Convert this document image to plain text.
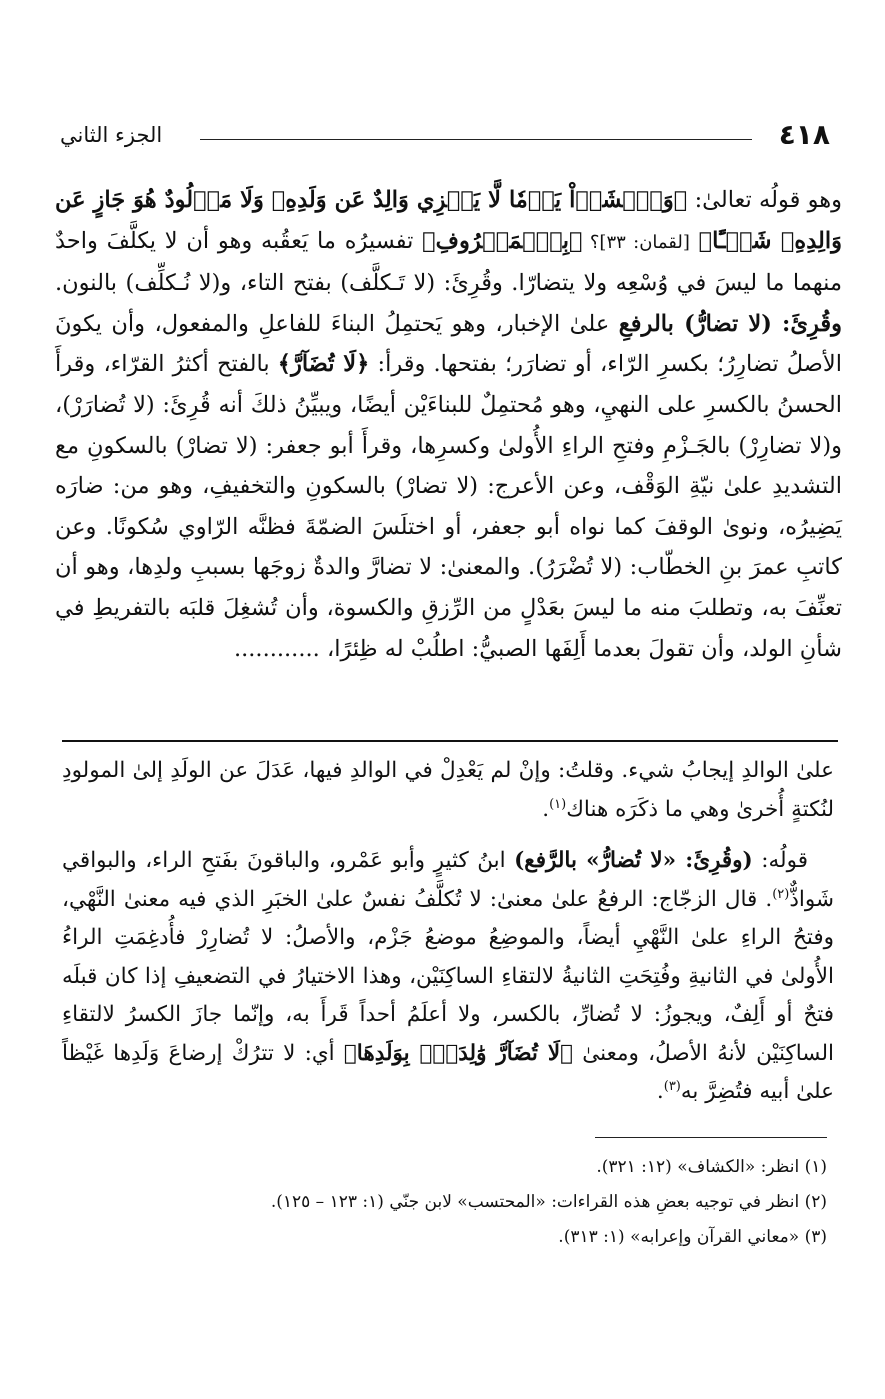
٤١٨
الجزء الثاني

وهو قولُه تعالىٰ: ﴿وَٱخۡشَوۡاْ يَوۡمٗا لَّا يَجۡزِي وَالِدٌ عَن وَلَدِهِۦ وَلَا مَوۡلُودٌ هُوَ جَازٍ عَن وَالِدِهِۦ شَيۡـًٔا﴾ [لقمان: ٣٣]؟ ﴿بِٱلۡمَعۡرُوفِ﴾ تفسيرُه ما يَعقُبه وهو أن لا يكلَّفَ واحدٌ منهما ما ليسَ في وُسْعِه ولا يتضارّا. وقُرِئَ: (لا تَـكلَّف) بفتح التاء، و(لا نُـكلِّف) بالنون. وقُرِئَ: (لا تضارُّ) بالرفعِ علىٰ الإخبار، وهو يَحتمِلُ البناءَ للفاعلِ والمفعول، وأن يكونَ الأصلُ تضارِرُ؛ بكسرِ الرّاء، أو تضارَر؛ بفتحها. وقرأ: ﴿لَا تُضَآرَّ﴾ بالفتح أكثرُ القرّاء، وقرأَ الحسنُ بالكسرِ على النهيِ، وهو مُحتمِلٌ للبناءَيْن أيضًا، ويبيِّنُ ذلكَ أنه قُرِئَ: (لا تُضارَرْ)، و(لا تضارِرْ) بالجَـزْمِ وفتحِ الراءِ الأُولىٰ وكسرِها، وقرأَ أبو جعفر: (لا تضارْ) بالسكونِ مع التشديدِ علىٰ نيّةِ الوَقْف، وعن الأعرج: (لا تضارْ) بالسكونِ والتخفيفِ، وهو من: ضارَه يَضِيرُه، ونوىٰ الوقفَ كما نواه أبو جعفر، أو اختلَسَ الضمّةَ فظنَّه الرّاوي سُكونًا. وعن كاتبِ عمرَ بنِ الخطّاب: (لا تُضْرَرُ). والمعنىٰ: لا تضارَّ والدةٌ زوجَها بسببِ ولدِها، وهو أن تعنِّفَ به، وتطلبَ منه ما ليسَ بعَدْلٍ من الرِّزقِ والكسوة، وأن تُشغِلَ قلبَه بالتفريطِ في شأنِ الولد، وأن تقولَ بعدما أَلِفَها الصبيُّ: اطلُبْ له ظِئرًا، ............

علىٰ الوالدِ إيجابُ شيء. وقلتُ: وإنْ لم يَعْدِلْ في الوالدِ فيها، عَدَلَ عن الولَدِ إلىٰ المولودِ لنُكتةٍ أُخرىٰ وهي ما ذكَرَه هناك$^{(١)}$.

قولُه: (وقُرِئَ: «لا تُضارُّ» بالرَّفع) ابنُ كثيرٍ وأبو عَمْرو، والباقونَ بفَتحِ الراء، والبواقي شَواذٌّ$^{(٢)}$. قال الزجّاج: الرفعُ علىٰ معنىٰ: لا تُكلَّفُ نفسٌ علىٰ الخبَرِ الذي فيه معنىٰ النَّهْي، وفتحُ الراءِ علىٰ النَّهْيِ أيضاً، والموضِعُ موضعُ جَزْم، والأصلُ: لا تُضارِرْ فأُدغِمَتِ الراءُ الأُولىٰ في الثانيةِ وفُتِحَتِ الثانيةُ لالتقاءِ الساكِنَيْن، وهذا الاختيارُ في التضعيفِ إذا كان قبلَه فتحٌ أو أَلِفٌ، ويجوزُ: لا تُضارِّ، بالكسر، ولا أعلَمُ أحداً قَرأَ به، وإنّما جازَ الكسرُ لالتقاءِ الساكِنَيْن لأنهُ الأصلُ، ومعنىٰ ﴿لَا تُضَآرَّ وَٰلِدَةُۢ بِوَلَدِهَا﴾ أي: لا تترُكْ إرضاعَ وَلَدِها غَيْظاً علىٰ أبيه فتُضِرَّ به$^{(٣)}$.

(١) انظر: «الكشاف» (١٢: ٣٢١).

(٢) انظر في توجيه بعضِ هذه القراءات: «المحتسب» لابن جنّي (١: ١٢٣ – ١٢٥).

(٣) «معاني القرآن وإعرابه» (١: ٣١٣).
